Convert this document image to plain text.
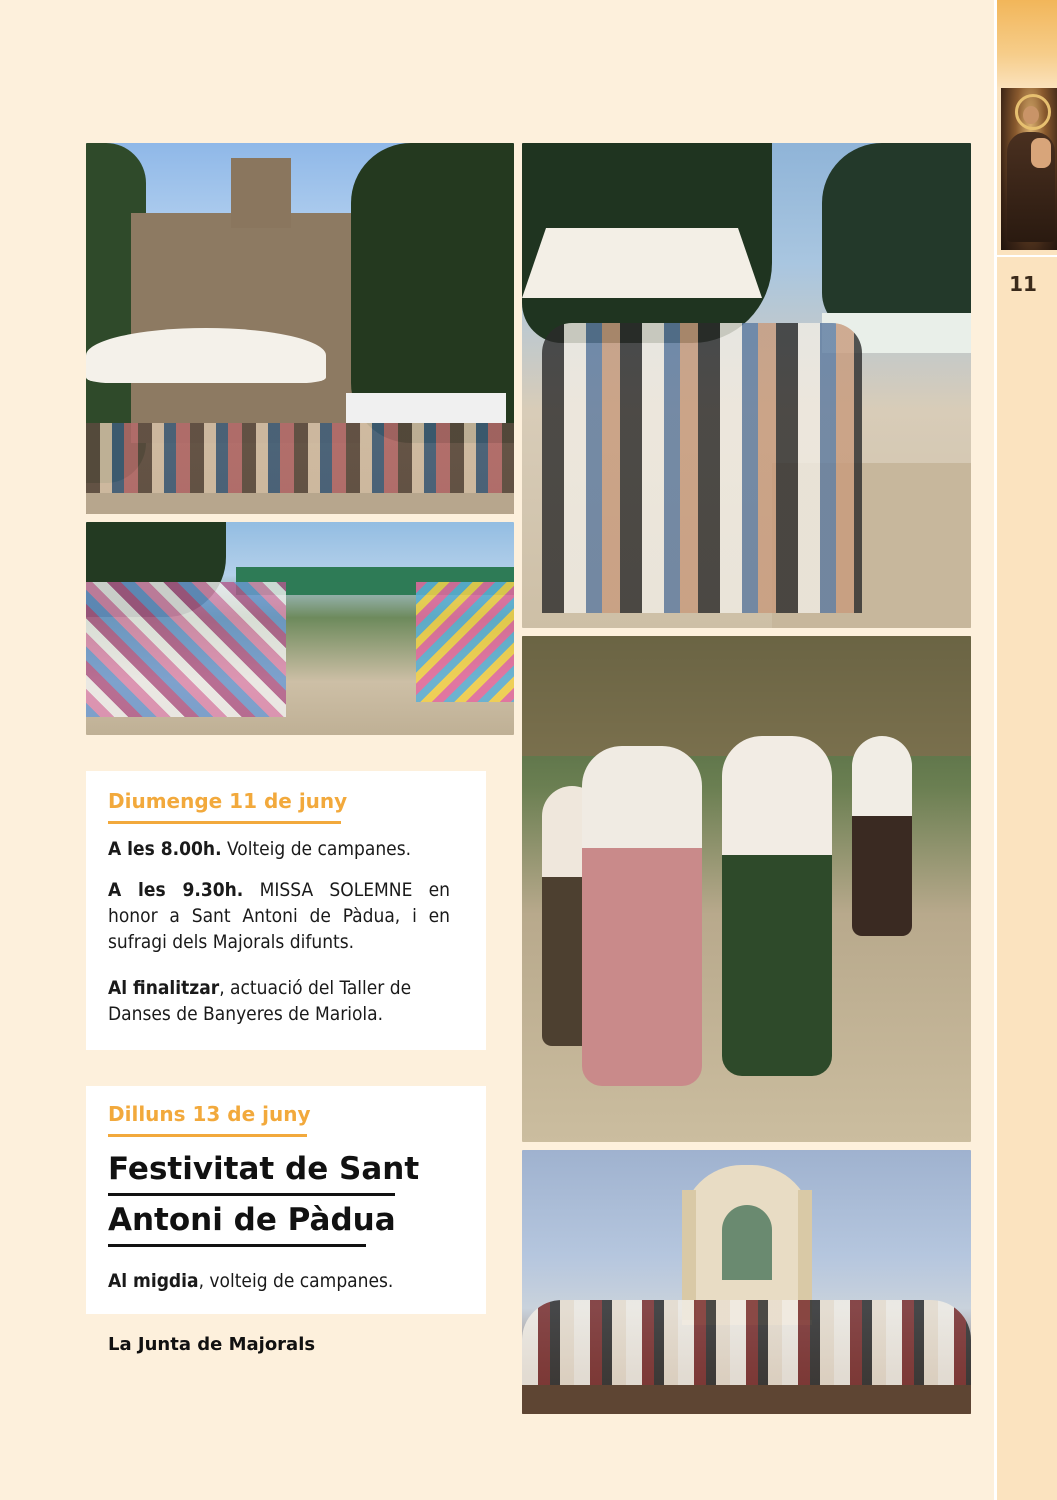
11
Diumenge 11 de juny

A les 8.00h. Volteig de campanes.

A les 9.30h. MISSA SOLEMNE en honor a Sant Antoni de Pàdua, i en sufragi dels Majorals difunts.

Al finalitzar, actuació del Taller de Danses de Banyeres de Mariola.

Dilluns 13 de juny
Festivitat de Sant
Antoni de Pàdua

Al migdia, volteig de campanes.

La Junta de Majorals
